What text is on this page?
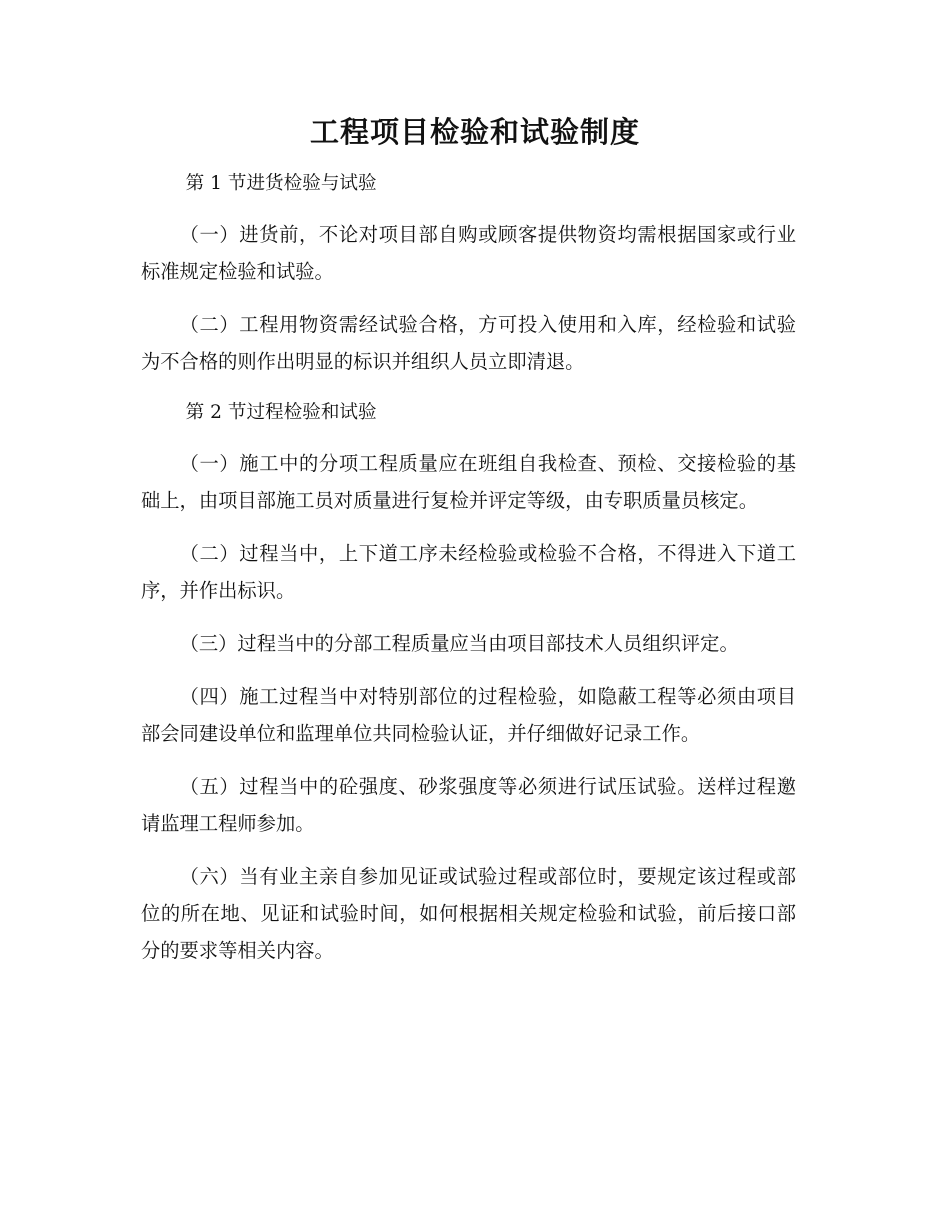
工程项目检验和试验制度

第 1 节进货检验与试验

（一）进货前，不论对项目部自购或顾客提供物资均需根据国家或行业标准规定检验和试验。

（二）工程用物资需经试验合格，方可投入使用和入库，经检验和试验为不合格的则作出明显的标识并组织人员立即清退。

第 2 节过程检验和试验

（一）施工中的分项工程质量应在班组自我检查、预检、交接检验的基础上，由项目部施工员对质量进行复检并评定等级，由专职质量员核定。

（二）过程当中，上下道工序未经检验或检验不合格，不得进入下道工序，并作出标识。

（三）过程当中的分部工程质量应当由项目部技术人员组织评定。

（四）施工过程当中对特别部位的过程检验，如隐蔽工程等必须由项目部会同建设单位和监理单位共同检验认证，并仔细做好记录工作。

（五）过程当中的砼强度、砂浆强度等必须进行试压试验。送样过程邀请监理工程师参加。

（六）当有业主亲自参加见证或试验过程或部位时，要规定该过程或部位的所在地、见证和试验时间，如何根据相关规定检验和试验，前后接口部分的要求等相关内容。
